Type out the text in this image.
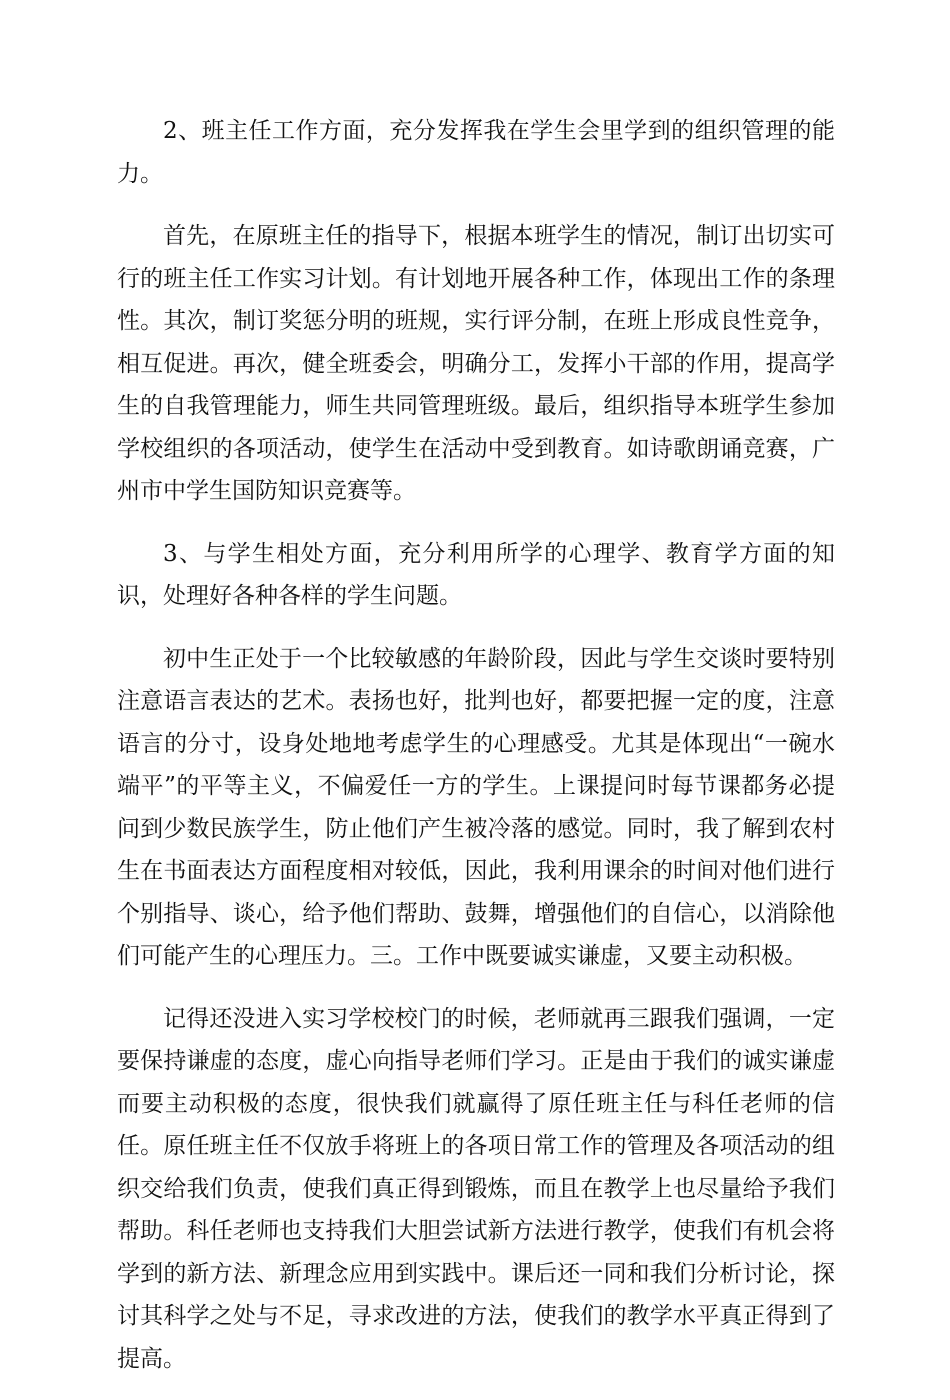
2、班主任工作方面，充分发挥我在学生会里学到的组织管理的能力。

首先，在原班主任的指导下，根据本班学生的情况，制订出切实可行的班主任工作实习计划。有计划地开展各种工作，体现出工作的条理性。其次，制订奖惩分明的班规，实行评分制，在班上形成良性竞争，相互促进。再次，健全班委会，明确分工，发挥小干部的作用，提高学生的自我管理能力，师生共同管理班级。最后，组织指导本班学生参加学校组织的各项活动，使学生在活动中受到教育。如诗歌朗诵竞赛，广州市中学生国防知识竞赛等。

3、与学生相处方面，充分利用所学的心理学、教育学方面的知识，处理好各种各样的学生问题。

初中生正处于一个比较敏感的年龄阶段，因此与学生交谈时要特别注意语言表达的艺术。表扬也好，批判也好，都要把握一定的度，注意语言的分寸，设身处地地考虑学生的心理感受。尤其是体现出“一碗水端平”的平等主义，不偏爱任一方的学生。上课提问时每节课都务必提问到少数民族学生，防止他们产生被冷落的感觉。同时，我了解到农村生在书面表达方面程度相对较低，因此，我利用课余的时间对他们进行个别指导、谈心，给予他们帮助、鼓舞，增强他们的自信心，以消除他们可能产生的心理压力。三。工作中既要诚实谦虚，又要主动积极。

记得还没进入实习学校校门的时候，老师就再三跟我们强调，一定要保持谦虚的态度，虚心向指导老师们学习。正是由于我们的诚实谦虚而要主动积极的态度，很快我们就赢得了原任班主任与科任老师的信任。原任班主任不仅放手将班上的各项日常工作的管理及各项活动的组织交给我们负责，使我们真正得到锻炼，而且在教学上也尽量给予我们帮助。科任老师也支持我们大胆尝试新方法进行教学，使我们有机会将学到的新方法、新理念应用到实践中。课后还一同和我们分析讨论，探讨其科学之处与不足，寻求改进的方法，使我们的教学水平真正得到了提高。
